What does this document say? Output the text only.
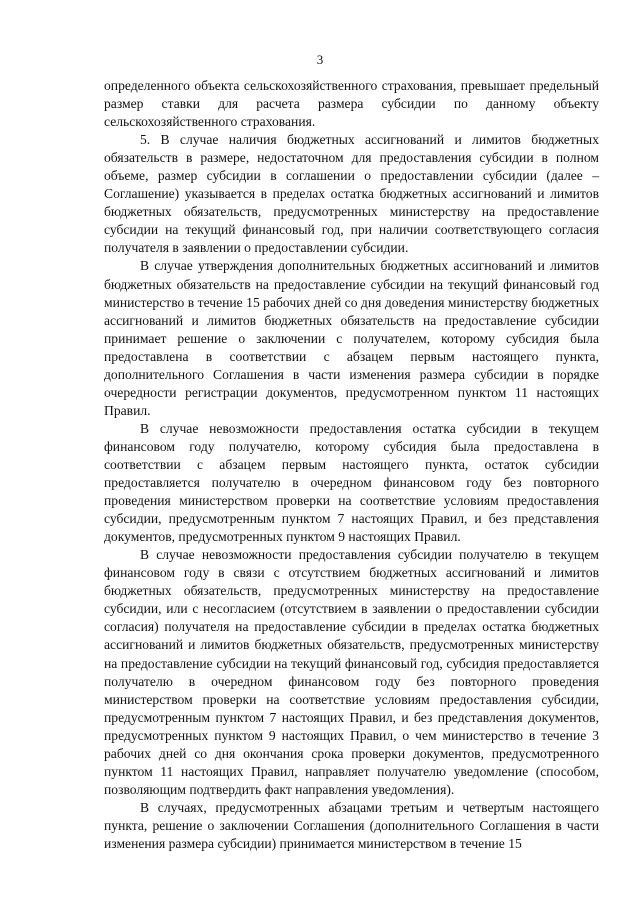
3

определенного объекта сельскохозяйственного страхования, превышает предельный размер ставки для расчета размера субсидии по данному объекту сельскохозяйственного страхования.

5. В случае наличия бюджетных ассигнований и лимитов бюджетных обязательств в размере, недостаточном для предоставления субсидии в полном объеме, размер субсидии в соглашении о предоставлении субсидии (далее – Соглашение) указывается в пределах остатка бюджетных ассигнований и лимитов бюджетных обязательств, предусмотренных министерству на предоставление субсидии на текущий финансовый год, при наличии соответствующего согласия получателя в заявлении о предоставлении субсидии.

В случае утверждения дополнительных бюджетных ассигнований и лимитов бюджетных обязательств на предоставление субсидии на текущий финансовый год министерство в течение 15 рабочих дней со дня доведения министерству бюджетных ассигнований и лимитов бюджетных обязательств на предоставление субсидии принимает решение о заключении с получателем, которому субсидия была предоставлена в соответствии с абзацем первым настоящего пункта, дополнительного Соглашения в части изменения размера субсидии в порядке очередности регистрации документов, предусмотренном пунктом 11 настоящих Правил.

В случае невозможности предоставления остатка субсидии в текущем финансовом году получателю, которому субсидия была предоставлена в соответствии с абзацем первым настоящего пункта, остаток субсидии предоставляется получателю в очередном финансовом году без повторного проведения министерством проверки на соответствие условиям предоставления субсидии, предусмотренным пунктом 7 настоящих Правил, и без представления документов, предусмотренных пунктом 9 настоящих Правил.

В случае невозможности предоставления субсидии получателю в текущем финансовом году в связи с отсутствием бюджетных ассигнований и лимитов бюджетных обязательств, предусмотренных министерству на предоставление субсидии, или с несогласием (отсутствием в заявлении о предоставлении субсидии согласия) получателя на предоставление субсидии в пределах остатка бюджетных ассигнований и лимитов бюджетных обязательств, предусмотренных министерству на предоставление субсидии на текущий финансовый год, субсидия предоставляется получателю в очередном финансовом году без повторного проведения министерством проверки на соответствие условиям предоставления субсидии, предусмотренным пунктом 7 настоящих Правил, и без представления документов, предусмотренных пунктом 9 настоящих Правил, о чем министерство в течение 3 рабочих дней со дня окончания срока проверки документов, предусмотренного пунктом 11 настоящих Правил, направляет получателю уведомление (способом, позволяющим подтвердить факт направления уведомления).

В случаях, предусмотренных абзацами третьим и четвертым настоящего пункта, решение о заключении Соглашения (дополнительного Соглашения в части изменения размера субсидии) принимается министерством в течение 15
